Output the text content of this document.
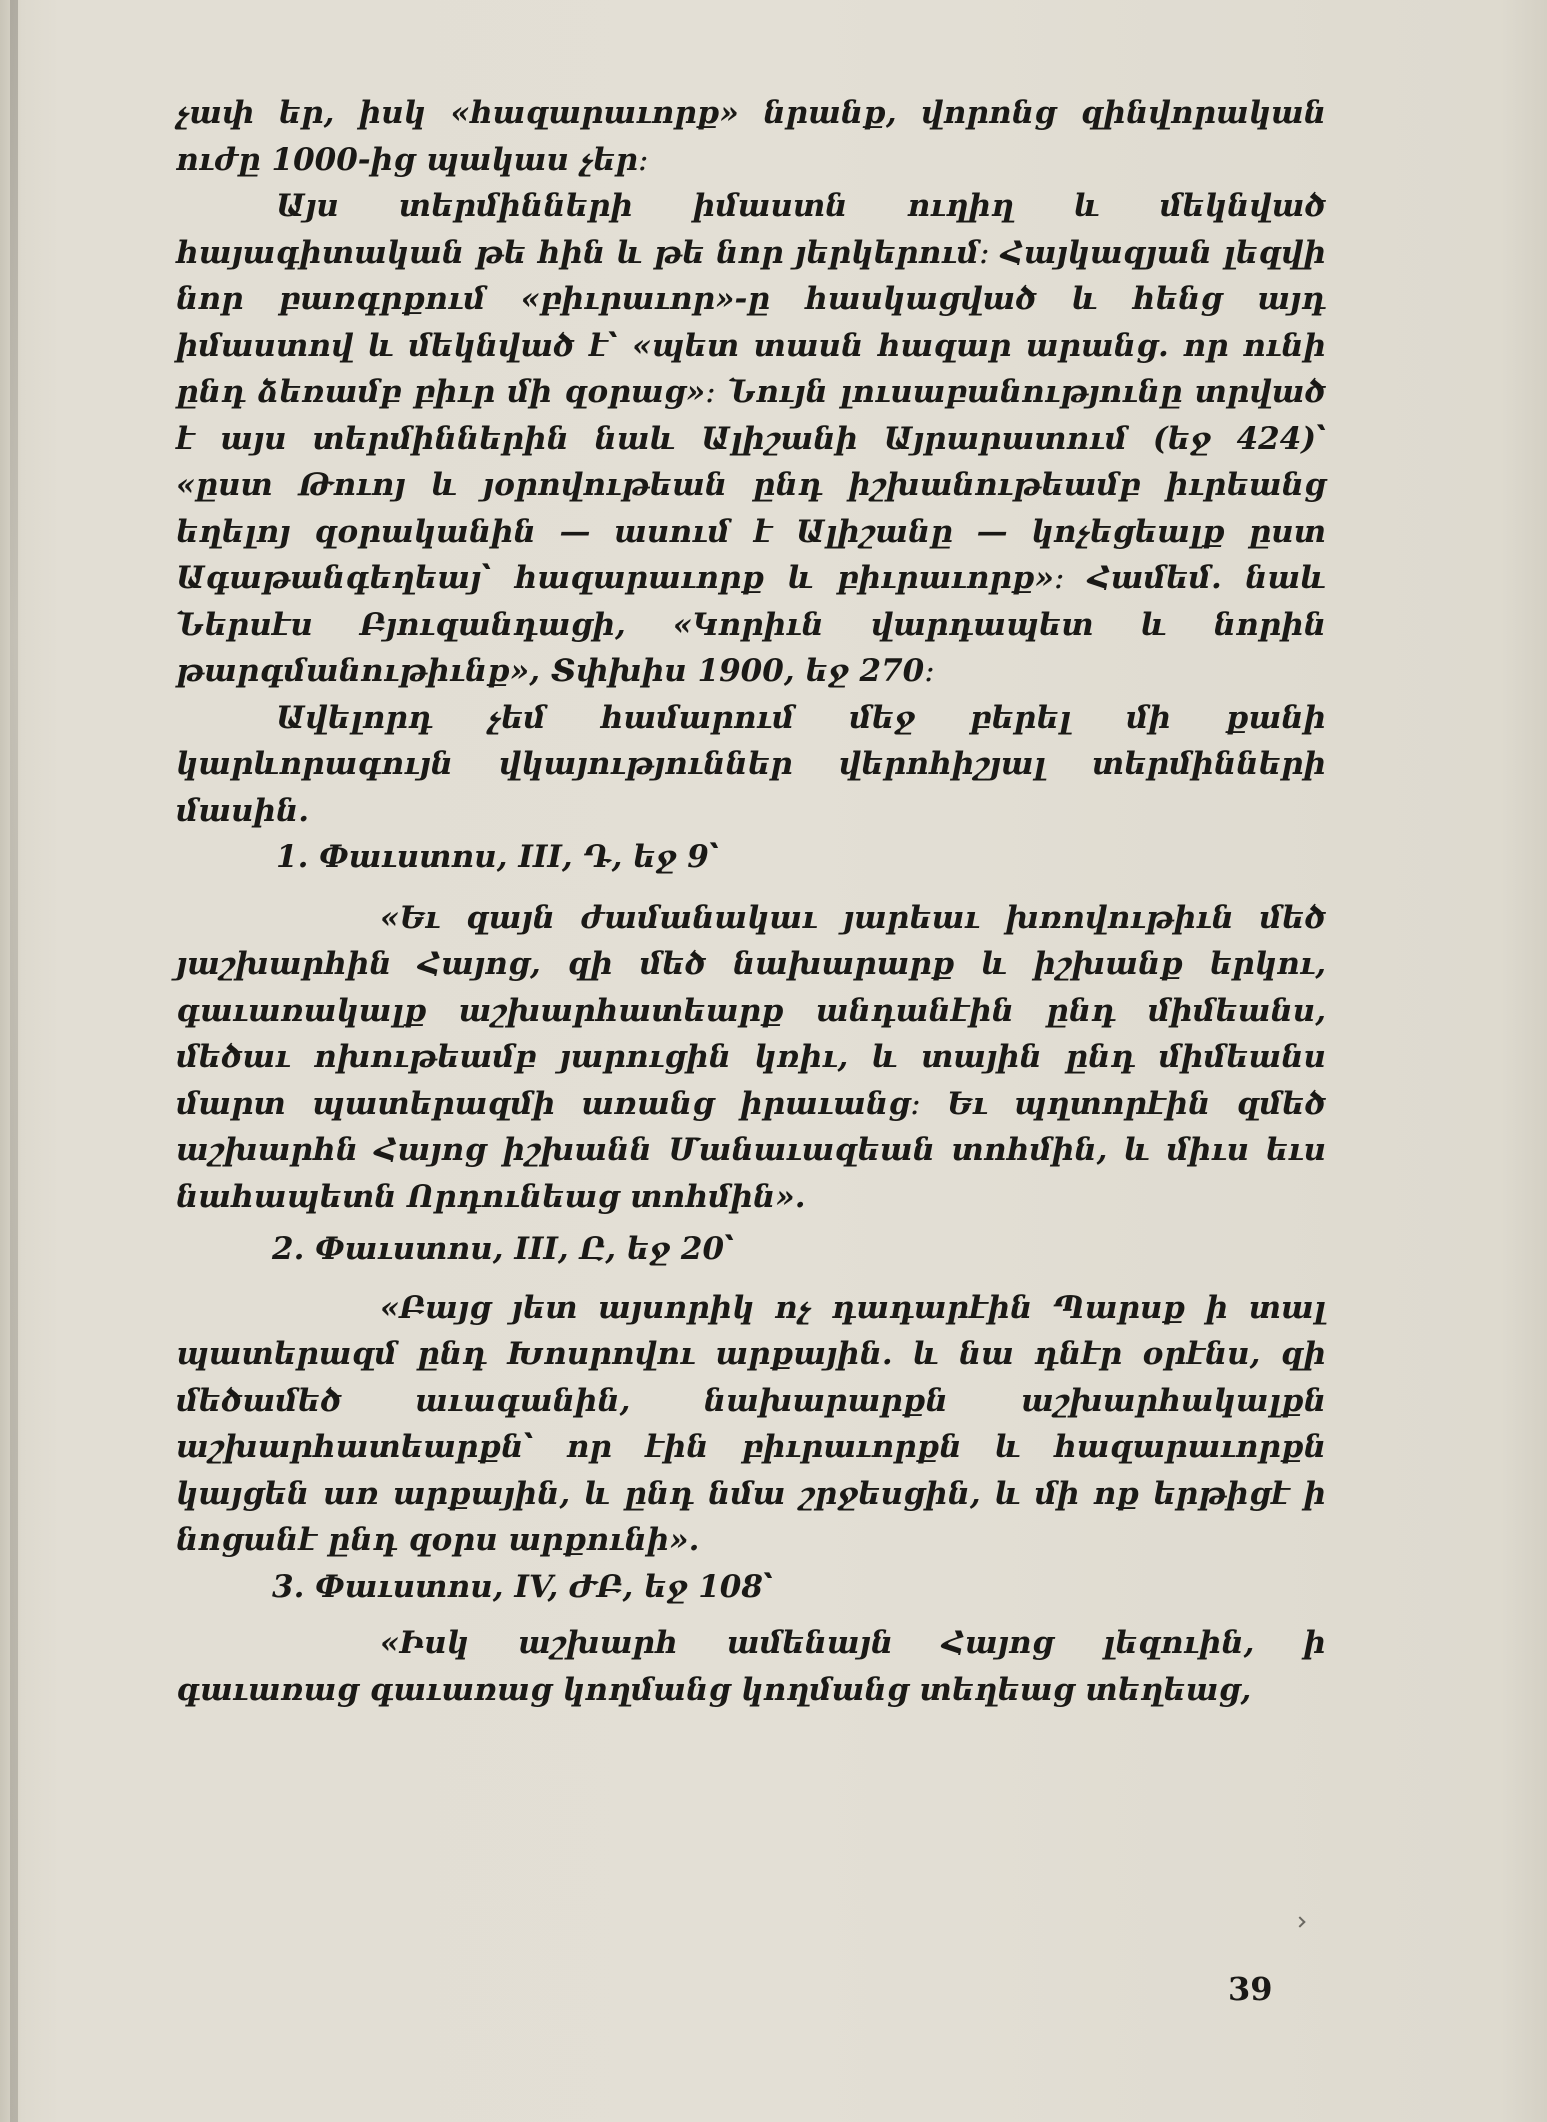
չափ եր, իսկ «հազարաւորք» նրանք, վորոնց զինվորական ուժը 1000-ից պակաս չեր։

Այս տերմինների իմաստն ուղիղ և մեկնված հայագիտական թե հին և թե նոր յերկերում։ Հայկազյան լեզվի նոր բառգրքում «բիւրաւոր»-ը հասկացված և հենց այդ իմաստով և մեկնված է՝ «պետ տասն հազար արանց. որ ունի ընդ ձեռամբ բիւր մի զօրաց»։ Նույն լուսաբանությունը տրված է այս տերմիններին նաև Ալիշանի Այրարատում (եջ 424)՝ «ըստ Թուոյ և յօրովութեան ընդ իշխանութեամբ իւրեանց եղելոյ զօրականին — ասում է Ալիշանը — կոչեցեալք ըստ Ագաթանգեղեայ՝ հազարաւորք և բիւրաւորք»։ Համեմ. նաև Ներսէս Բյուզանդացի, «Կորիւն վարդապետ և նորին թարգմանութիւնք», Տփխիս 1900, եջ 270։

Ավելորդ չեմ համարում մեջ բերել մի քանի կարևորագույն վկայություններ վերոհիշյալ տերմինների մասին.

1. Փաւստոս, III, Դ, եջ 9՝

«Եւ զայն ժամանակաւ յարեաւ խռովութիւն մեծ յաշխարհին Հայոց, զի մեծ նախարարք և իշխանք երկու, գաւառակալք աշխարհատեարք անդանէին ընդ միմեանս, մեծաւ ոխութեամբ յարուցին կռիւ, և տային ընդ միմեանս մարտ պատերազմի առանց իրաւանց։ Եւ պղտորէին զմեծ աշխարհն Հայոց իշխանն Մանաւազեան տոհմին, և միւս եւս նահապետն Որդունեաց տոհմին».

2. Փաւստոս, III, Ը, եջ 20՝

«Բայց յետ այսորիկ ոչ դադարէին Պարսք ի տալ պատերազմ ընդ Խոսրովու արքային. և նա դնէր օրէնս, զի մեծամեծ աւագանին, նախարարքն աշխարհակալքն աշխարհատեարքն՝ որ էին բիւրաւորքն և հազարաւորքն կայցեն առ արքային, և ընդ նմա շրջեսցին, և մի ոք երթիցէ ի նոցանէ ընդ զօրս արքունի».

3. Փաւստոս, IV, ԺԲ, եջ 108՝

«Իսկ աշխարհ ամենայն Հայոց լեզուին, ի գաւառաց գաւառաց կողմանց կողմանց տեղեաց տեղեաց,

39
